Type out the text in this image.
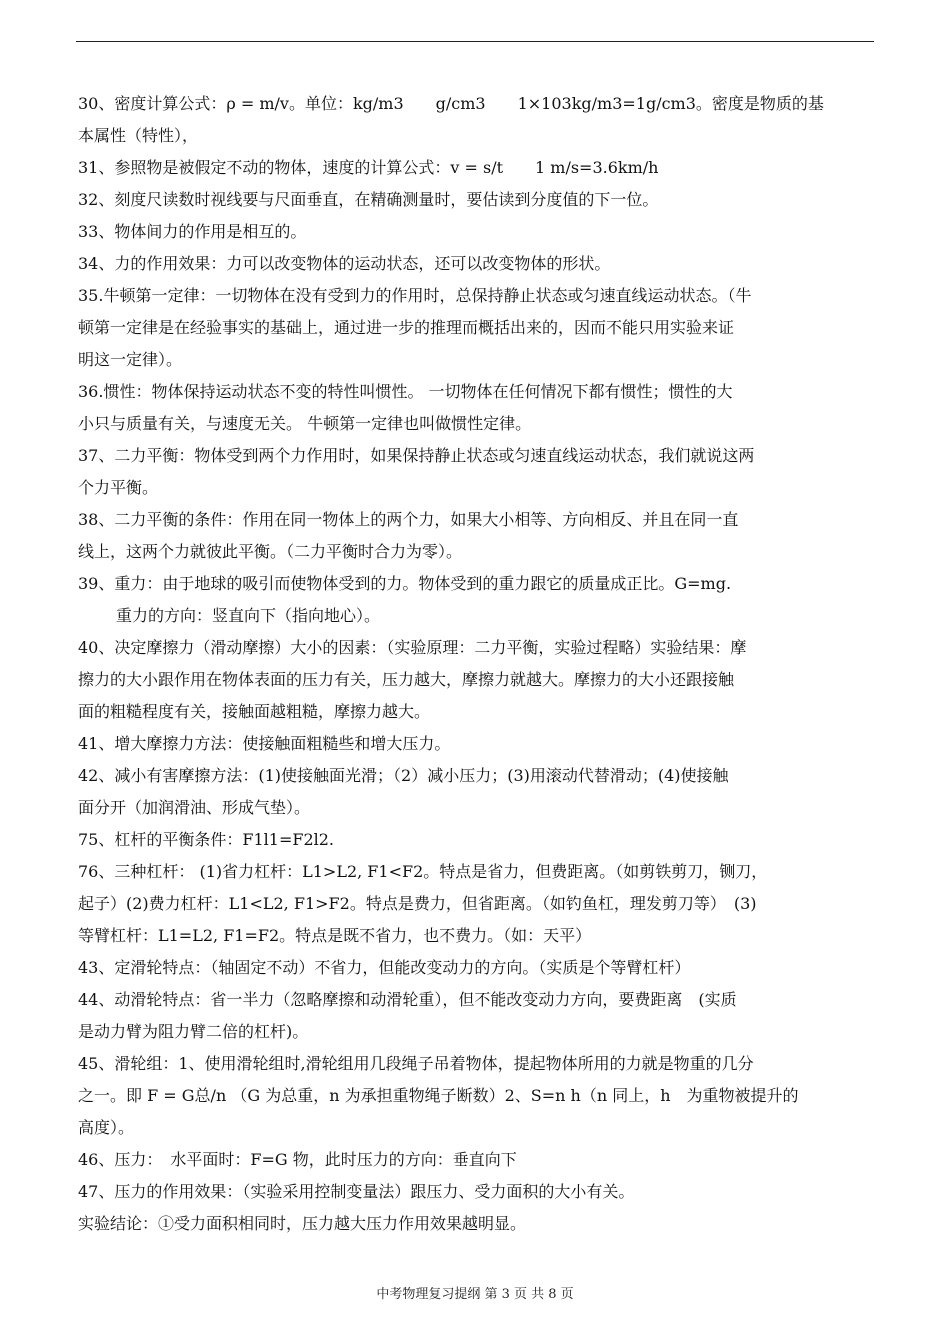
30、密度计算公式：ρ = m/v。单位：kg/m3　　g/cm3　　1×103kg/m3=1g/cm3。密度是物质的基

本属性（特性），

31、参照物是被假定不动的物体，速度的计算公式：v = s/t　　1 m/s=3.6km/h

32、刻度尺读数时视线要与尺面垂直，在精确测量时，要估读到分度值的下一位。

33、物体间力的作用是相互的。

34、力的作用效果：力可以改变物体的运动状态，还可以改变物体的形状。

35.牛顿第一定律：一切物体在没有受到力的作用时，总保持静止状态或匀速直线运动状态。（牛

顿第一定律是在经验事实的基础上，通过进一步的推理而概括出来的，因而不能只用实验来证

明这一定律）。

36.惯性：物体保持运动状态不变的特性叫惯性。 一切物体在任何情况下都有惯性；惯性的大

小只与质量有关，与速度无关。 牛顿第一定律也叫做惯性定律。

37、二力平衡：物体受到两个力作用时，如果保持静止状态或匀速直线运动状态，我们就说这两

个力平衡。

38、二力平衡的条件：作用在同一物体上的两个力，如果大小相等、方向相反、并且在同一直

线上，这两个力就彼此平衡。（二力平衡时合力为零）。

39、重力：由于地球的吸引而使物体受到的力。物体受到的重力跟它的质量成正比。G=mg.

重力的方向：竖直向下（指向地心）。

40、决定摩擦力（滑动摩擦）大小的因素：（实验原理：二力平衡，实验过程略）实验结果：摩

擦力的大小跟作用在物体表面的压力有关，压力越大，摩擦力就越大。摩擦力的大小还跟接触

面的粗糙程度有关，接触面越粗糙，摩擦力越大。

41、增大摩擦力方法：使接触面粗糙些和增大压力。

42、减小有害摩擦方法：(1)使接触面光滑；（2）减小压力；(3)用滚动代替滑动；(4)使接触

面分开（加润滑油、形成气垫）。

75、杠杆的平衡条件：F1l1=F2l2.

76、三种杠杆： (1)省力杠杆：L1>L2, F1<F2。特点是省力，但费距离。（如剪铁剪刀，铡刀，

起子）(2)费力杠杆：L1<L2, F1>F2。特点是费力，但省距离。（如钓鱼杠，理发剪刀等）　(3)

等臂杠杆：L1=L2, F1=F2。特点是既不省力，也不费力。（如：天平）

43、定滑轮特点：（轴固定不动）不省力，但能改变动力的方向。（实质是个等臂杠杆）

44、动滑轮特点：省一半力（忽略摩擦和动滑轮重），但不能改变动力方向，要费距离　(实质

是动力臂为阻力臂二倍的杠杆)。

45、滑轮组：1、使用滑轮组时,滑轮组用几段绳子吊着物体，提起物体所用的力就是物重的几分

之一。即 F = G总/n （G 为总重，n 为承担重物绳子断数）2、S=n h（n 同上，h　为重物被提升的

高度）。

46、压力：　水平面时：F=G 物，此时压力的方向：垂直向下

47、压力的作用效果：（实验采用控制变量法）跟压力、受力面积的大小有关。

实验结论：①受力面积相同时，压力越大压力作用效果越明显。

中考物理复习提纲 第 3 页 共 8 页
